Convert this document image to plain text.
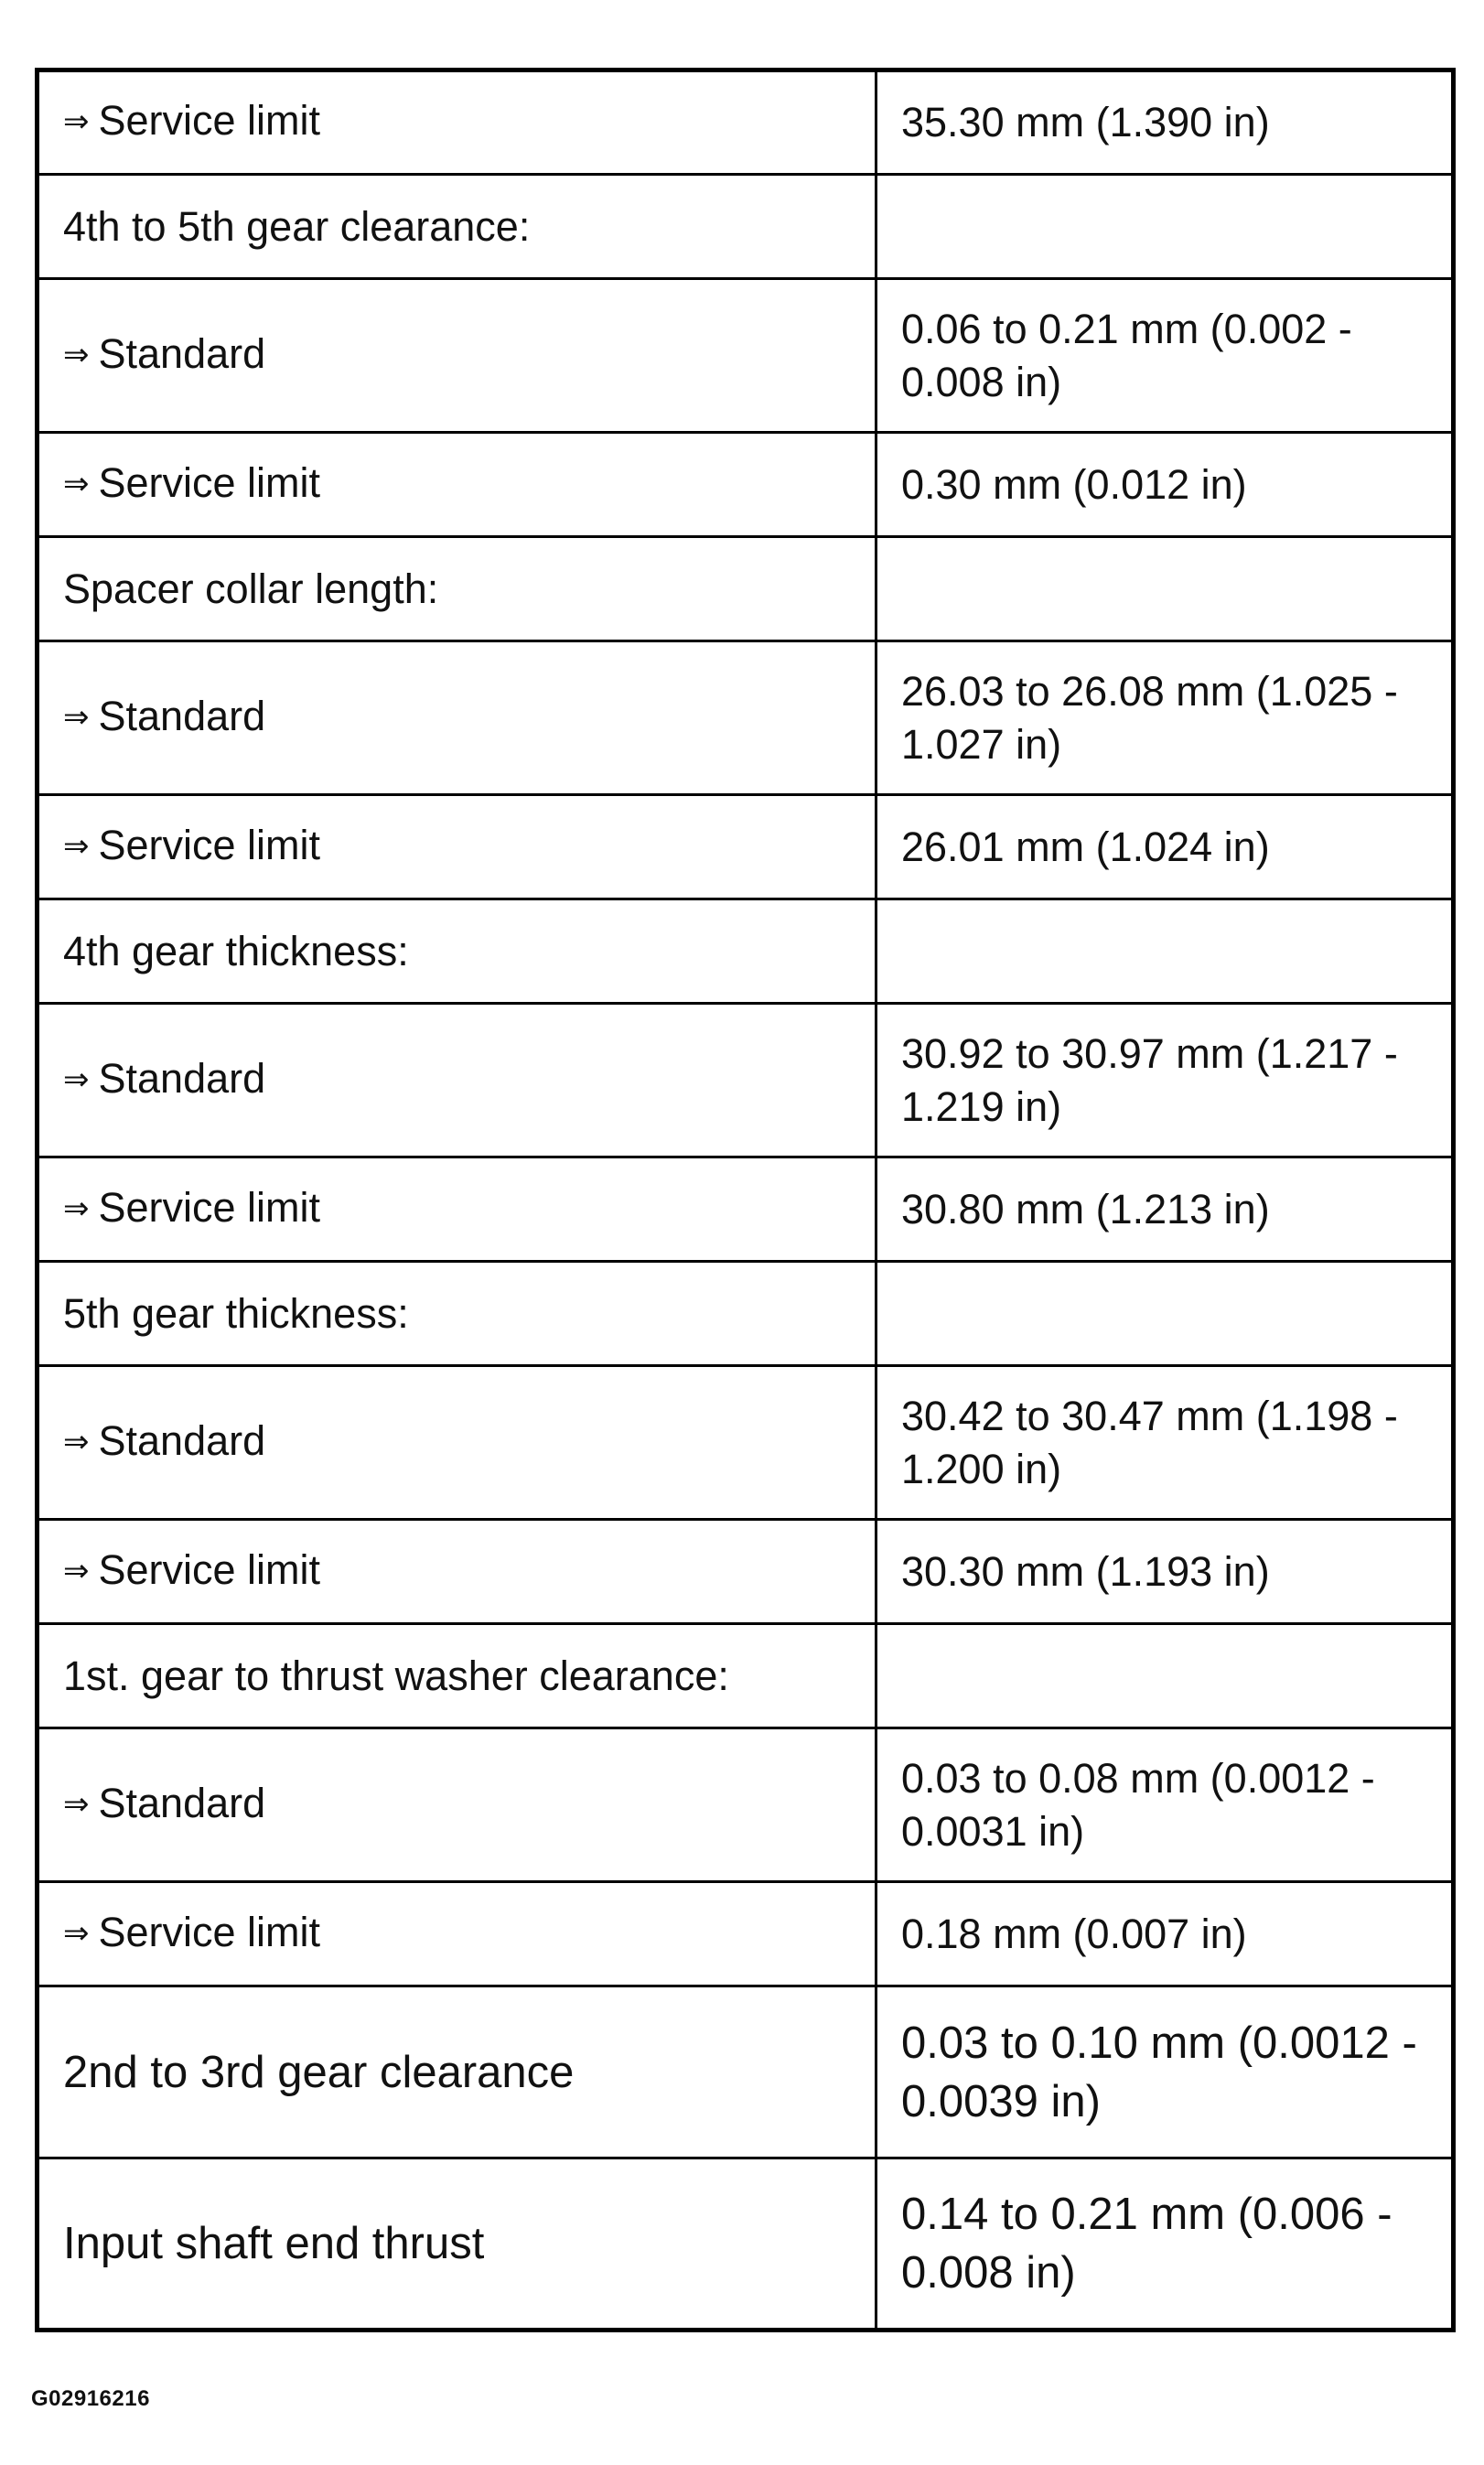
⇒ Service limit	35.30 mm (1.390 in)
4th to 5th gear clearance:	
⇒ Standard	0.06 to 0.21 mm (0.002 - 0.008 in)
⇒ Service limit	0.30 mm (0.012 in)
Spacer collar length:	
⇒ Standard	26.03 to 26.08 mm (1.025 - 1.027 in)
⇒ Service limit	26.01 mm (1.024 in)
4th gear thickness:	
⇒ Standard	30.92 to 30.97 mm (1.217 - 1.219 in)
⇒ Service limit	30.80 mm (1.213 in)
5th gear thickness:	
⇒ Standard	30.42 to 30.47 mm (1.198 - 1.200 in)
⇒ Service limit	30.30 mm (1.193 in)
1st. gear to thrust washer clearance:	
⇒ Standard	0.03 to 0.08 mm (0.0012 - 0.0031 in)
⇒ Service limit	0.18 mm (0.007 in)
2nd to 3rd gear clearance	0.03 to 0.10 mm (0.0012 - 0.0039 in)
Input shaft end thrust	0.14 to 0.21 mm (0.006 - 0.008 in)
G02916216
